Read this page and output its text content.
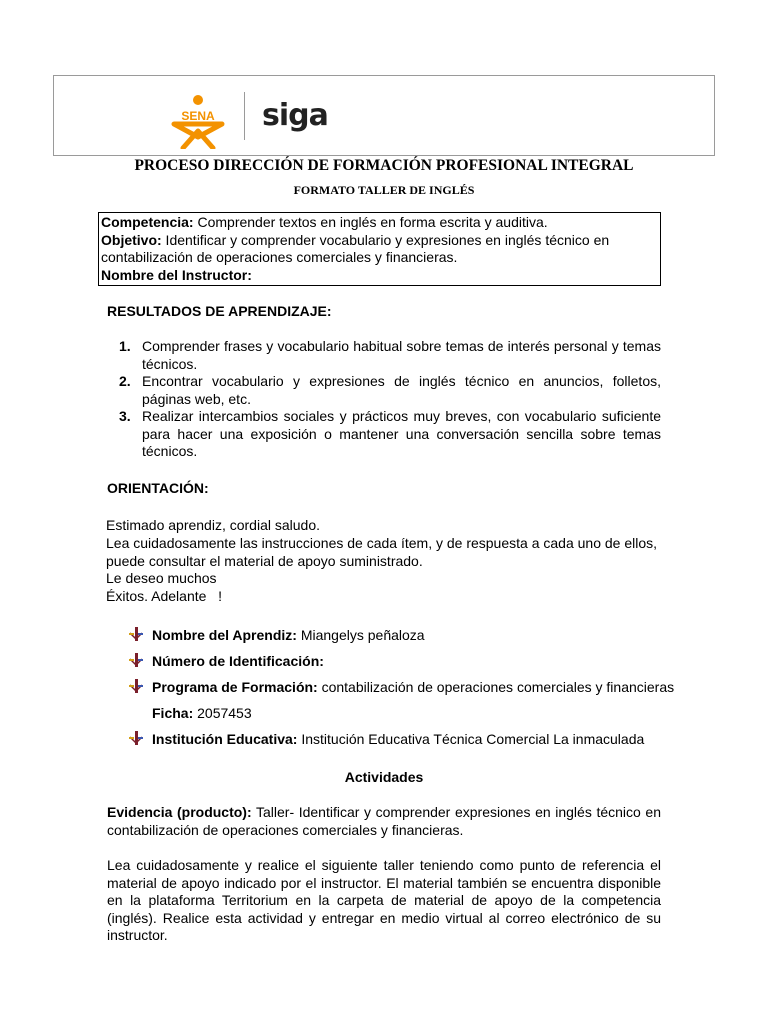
SENA siga
PROCESO DIRECCIÓN DE FORMACIÓN PROFESIONAL INTEGRAL
FORMATO TALLER DE INGLÉS
Competencia: Comprender textos en inglés en forma escrita y auditiva.
Objetivo: Identificar y comprender vocabulario y expresiones en inglés técnico en contabilización de operaciones comerciales y financieras.
Nombre del Instructor:
RESULTADOS DE APRENDIZAJE:
1. Comprender frases y vocabulario habitual sobre temas de interés personal y temas técnicos.
2. Encontrar vocabulario y expresiones de inglés técnico en anuncios, folletos, páginas web, etc.
3. Realizar intercambios sociales y prácticos muy breves, con vocabulario suficiente para hacer una exposición o mantener una conversación sencilla sobre temas técnicos.
ORIENTACIÓN:
Estimado aprendiz, cordial saludo.
Lea cuidadosamente las instrucciones de cada ítem, y de respuesta a cada uno de ellos, puede consultar el material de apoyo suministrado.
Le deseo muchos
Éxitos. Adelante   !
Nombre del Aprendiz: Miangelys peñaloza
Número de Identificación:
Programa de Formación: contabilización de operaciones comerciales y financieras Ficha: 2057453
Institución Educativa: Institución Educativa Técnica Comercial La inmaculada
Actividades
Evidencia (producto): Taller- Identificar y comprender expresiones en inglés técnico en contabilización de operaciones comerciales y financieras.
Lea cuidadosamente y realice el siguiente taller teniendo como punto de referencia el material de apoyo indicado por el instructor. El material también se encuentra disponible en la plataforma Territorium en la carpeta de material de apoyo de la competencia (inglés). Realice esta actividad y entregar en medio virtual al correo electrónico de su instructor.
